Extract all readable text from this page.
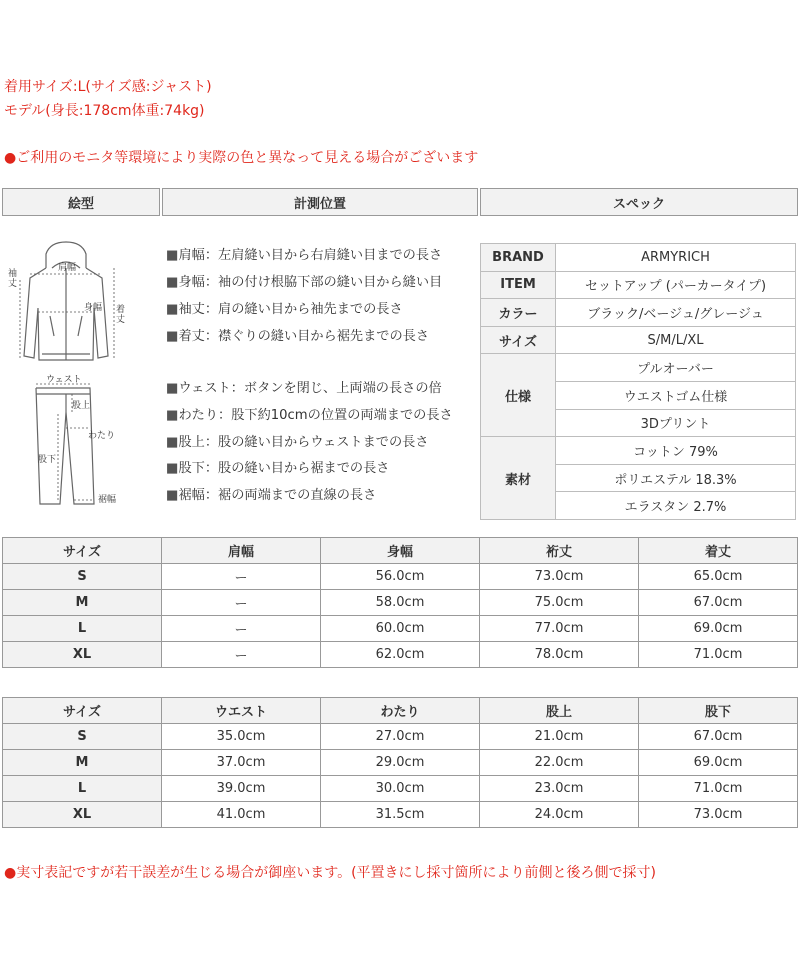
着用サイズ:L(サイズ感:ジャスト)
モデル(身長:178cm体重:74kg)
●ご利用のモニタ等環境により実際の色と異なって見える場合がございます
絵型	計測位置	スペック
肩幅
袖丈
身幅 着丈
ウェスト
股上
わたり
股下
裾幅
■肩幅：左肩縫い目から右肩縫い目までの長さ
■身幅：袖の付け根脇下部の縫い目から縫い目
■袖丈：肩の縫い目から袖先までの長さ
■着丈：襟ぐりの縫い目から裾先までの長さ
■ウェスト：ボタンを閉じ、上両端の長さの倍
■わたり：股下約10cmの位置の両端までの長さ
■股上：股の縫い目からウェストまでの長さ
■股下：股の縫い目から裾までの長さ
■裾幅：裾の両端までの直線の長さ
BRAND	ARMYRICH
ITEM	セットアップ (パーカータイプ)
カラー	ブラック/ベージュ/グレージュ
サイズ	S/M/L/XL
仕様	プルオーバー
	ウエストゴム仕様
	3Dプリント
素材	コットン 79%
	ポリエステル 18.3%
	エラスタン 2.7%
サイズ	肩幅	身幅	裄丈	着丈
S	ー	56.0cm	73.0cm	65.0cm
M	ー	58.0cm	75.0cm	67.0cm
L	ー	60.0cm	77.0cm	69.0cm
XL	ー	62.0cm	78.0cm	71.0cm
サイズ	ウエスト	わたり	股上	股下
S	35.0cm	27.0cm	21.0cm	67.0cm
M	37.0cm	29.0cm	22.0cm	69.0cm
L	39.0cm	30.0cm	23.0cm	71.0cm
XL	41.0cm	31.5cm	24.0cm	73.0cm
●実寸表記ですが若干誤差が生じる場合が御座います。(平置きにし採寸箇所により前側と後ろ側で採寸)
